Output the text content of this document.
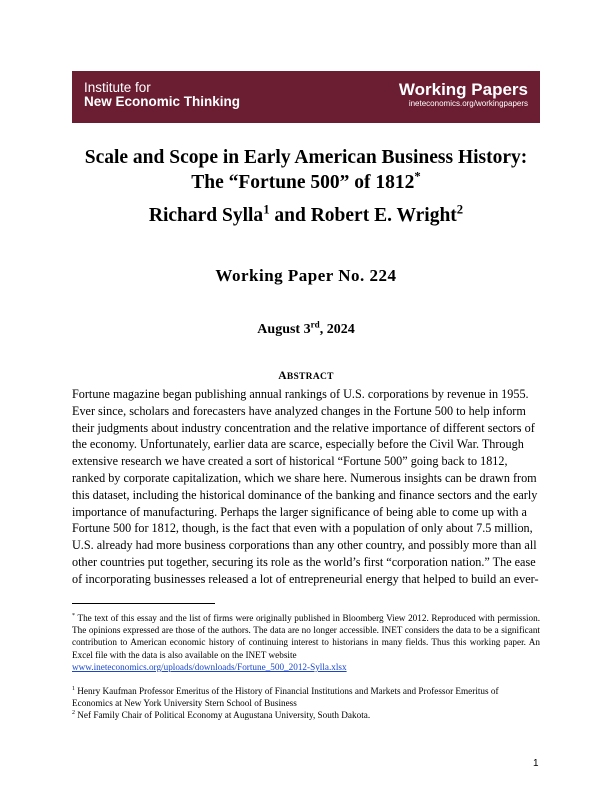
Institute for
New Economic Thinking
Working Papers
ineteconomics.org/workingpapers
Scale and Scope in Early American Business History:
The “Fortune 500” of 1812*
Richard Sylla$^1$ and Robert E. Wright$^2$
Working Paper No. 224
August 3rd, 2024
ABSTRACT

Fortune magazine began publishing annual rankings of U.S. corporations by revenue in 1955. Ever since, scholars and forecasters have analyzed changes in the Fortune 500 to help inform their judgments about industry concentration and the relative importance of different sectors of the economy. Unfortunately, earlier data are scarce, especially before the Civil War. Through extensive research we have created a sort of historical “Fortune 500” going back to 1812, ranked by corporate capitalization, which we share here. Numerous insights can be drawn from this dataset, including the historical dominance of the banking and finance sectors and the early importance of manufacturing. Perhaps the larger significance of being able to come up with a Fortune 500 for 1812, though, is the fact that even with a population of only about 7.5 million, U.S. already had more business corporations than any other country, and possibly more than all other countries put together, securing its role as the world’s first “corporation nation.” The ease of incorporating businesses released a lot of entrepreneurial energy that helped to build an ever-

* The text of this essay and the list of firms were originally published in Bloomberg View 2012. Reproduced with permission. The opinions expressed are those of the authors. The data are no longer accessible. INET considers the data to be a significant contribution to American economic history of continuing interest to historians in many fields. Thus this working paper. An Excel file with the data is also available on the INET website
www.ineteconomics.org/uploads/downloads/Fortune_500_2012-Sylla.xlsx

$^1$ Henry Kaufman Professor Emeritus of the History of Financial Institutions and Markets and Professor Emeritus of Economics at New York University Stern School of Business

$^2$ Nef Family Chair of Political Economy at Augustana University, South Dakota.

1
